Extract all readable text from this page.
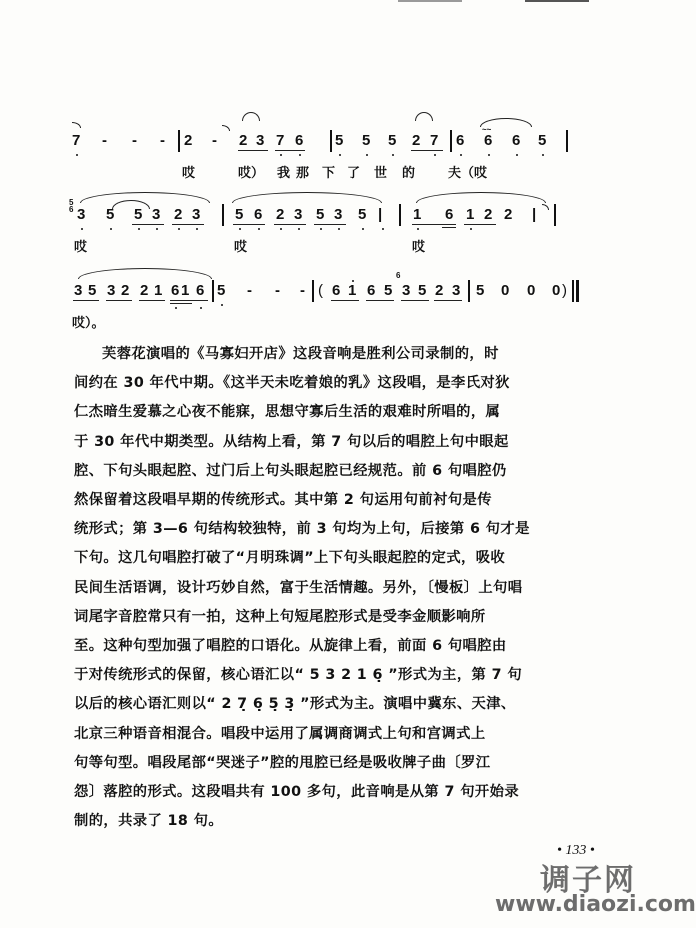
7 - - - 2 - 2 3 7 6 5 5 5 2 7 6
~~
6 6 5
哎	哎） 我 那 下 了 世 的	夫（哎
5
6 3 5 5 3 2 3 5 6 2 3 5 3 5 | 1 6 1 2 2 |
哎	哎	哎
3 5 3 2 2 1 6 1 6 5 - - - ( 6 1 6 5
6
3 5 2 3 5 0 0 0 )
哎）。

芙蓉花演唱的《马寡妇开店》这段音响是胜利公司录制的，时

间约在 30 年代中期。《这半天未吃着娘的乳》这段唱，是李氏对狄

仁杰暗生爱慕之心夜不能寐，思想守寡后生活的艰难时所唱的，属

于 30 年代中期类型。从结构上看，第 7 句以后的唱腔上句中眼起

腔、下句头眼起腔、过门后上句头眼起腔已经规范。前 6 句唱腔仍

然保留着这段唱早期的传统形式。其中第 2 句运用句前衬句是传

统形式；第 3—6 句结构较独特，前 3 句均为上句，后接第 6 句才是

下句。这几句唱腔打破了“月明珠调”上下句头眼起腔的定式，吸收

民间生活语调，设计巧妙自然，富于生活情趣。另外，〔慢板〕上句唱

词尾字音腔常只有一拍，这种上句短尾腔形式是受李金顺影响所

至。这种句型加强了唱腔的口语化。从旋律上看，前面 6 句唱腔由

于对传统形式的保留，核心语汇以“ 5 3 2 1 6̣ ”形式为主，第 7 句

以后的核心语汇则以“ 2 7̣ 6̣ 5̣ 3̣ ”形式为主。演唱中冀东、天津、

北京三种语音相混合。唱段中运用了属调商调式上句和宫调式上

句等句型。唱段尾部“哭迷子”腔的甩腔已经是吸收牌子曲〔罗江

怨〕落腔的形式。这段唱共有 100 多句，此音响是从第 7 句开始录

制的，共录了 18 句。

• 133 •
调子网
www.diaozi.com
